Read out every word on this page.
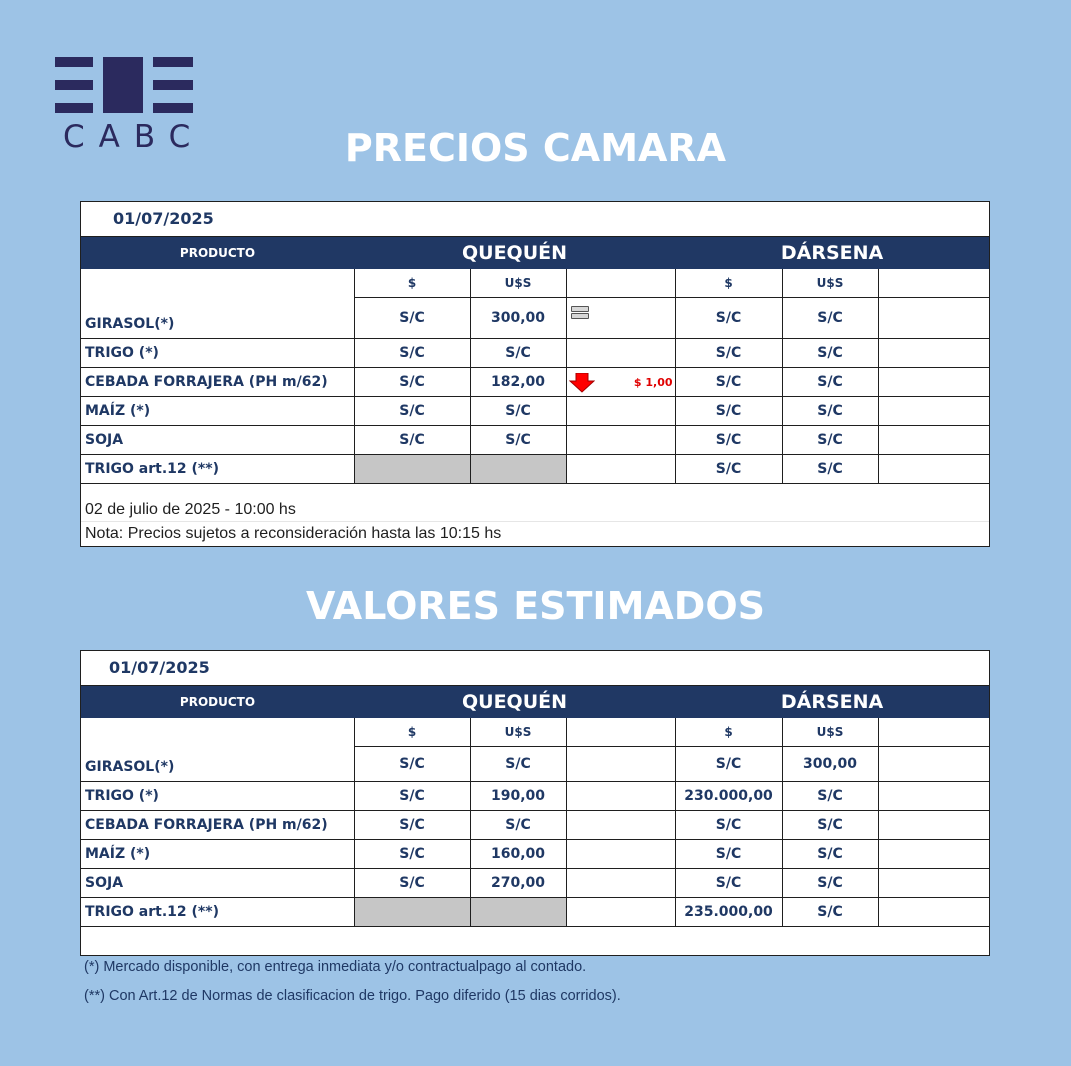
CABC	PRECIOS CAMARA
01/07/2025
PRODUCTO	QUEQUÉN			DÁRSENA		
	$	U$S		$	U$S	
GIRASOL(*)	S/C	300,00		S/C	S/C	
TRIGO (*)	S/C	S/C		S/C	S/C	
CEBADA FORRAJERA (PH m/62)	S/C	182,00	$ 1,00	S/C	S/C	
MAÍZ (*)	S/C	S/C		S/C	S/C	
SOJA	S/C	S/C		S/C	S/C	
TRIGO art.12 (**)				S/C	S/C	
02 de julio de 2025 - 10:00 hs
Nota: Precios sujetos a reconsideración hasta las 10:15 hs
VALORES ESTIMADOS
01/07/2025
PRODUCTO	QUEQUÉN			DÁRSENA		
	$	U$S		$	U$S	
GIRASOL(*)	S/C	S/C		S/C	300,00	
TRIGO (*)	S/C	190,00		230.000,00	S/C	
CEBADA FORRAJERA (PH m/62)	S/C	S/C		S/C	S/C	
MAÍZ (*)	S/C	160,00		S/C	S/C	
SOJA	S/C	270,00		S/C	S/C	
TRIGO art.12 (**)				235.000,00	S/C	
(*) Mercado disponible, con entrega inmediata y/o contractualpago al contado.
(**) Con Art.12 de Normas de clasificacion de trigo. Pago diferido (15 dias corridos).
